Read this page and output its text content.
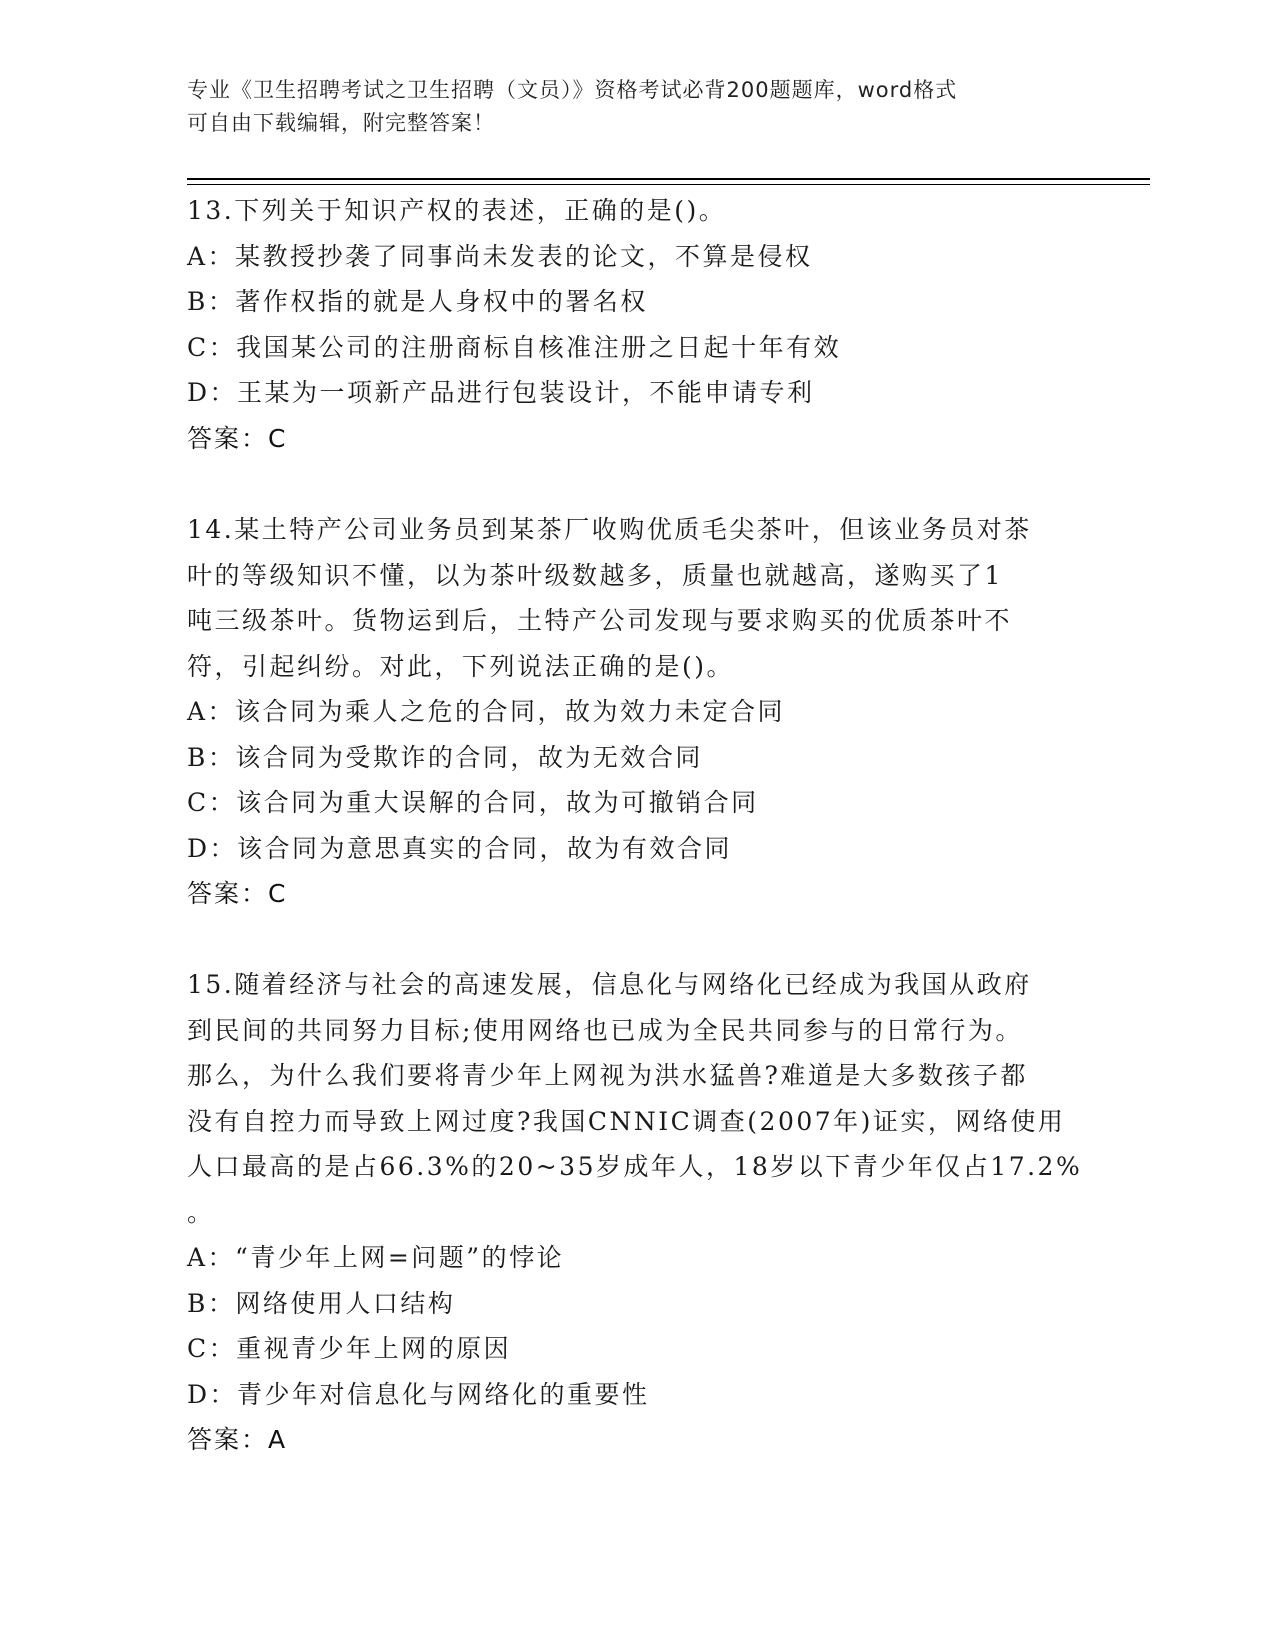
专业《卫生招聘考试之卫生招聘（文员）》资格考试必背200题题库，word格式
可自由下载编辑，附完整答案！
13.下列关于知识产权的表述，正确的是()。
A：某教授抄袭了同事尚未发表的论文，不算是侵权
B：著作权指的就是人身权中的署名权
C：我国某公司的注册商标自核准注册之日起十年有效
D：王某为一项新产品进行包装设计，不能申请专利
答案：C
14.某土特产公司业务员到某茶厂收购优质毛尖茶叶，但该业务员对茶
叶的等级知识不懂，以为茶叶级数越多，质量也就越高，遂购买了1
吨三级茶叶。货物运到后，土特产公司发现与要求购买的优质茶叶不
符，引起纠纷。对此，下列说法正确的是()。
A：该合同为乘人之危的合同，故为效力未定合同
B：该合同为受欺诈的合同，故为无效合同
C：该合同为重大误解的合同，故为可撤销合同
D：该合同为意思真实的合同，故为有效合同
答案：C
15.随着经济与社会的高速发展，信息化与网络化已经成为我国从政府
到民间的共同努力目标;使用网络也已成为全民共同参与的日常行为。
那么，为什么我们要将青少年上网视为洪水猛兽?难道是大多数孩子都
没有自控力而导致上网过度?我国CNNIC调查(2007年)证实，网络使用
人口最高的是占66.3%的20~35岁成年人，18岁以下青少年仅占17.2%
。
A：“青少年上网=问题”的悖论
B：网络使用人口结构
C：重视青少年上网的原因
D：青少年对信息化与网络化的重要性
答案：A
